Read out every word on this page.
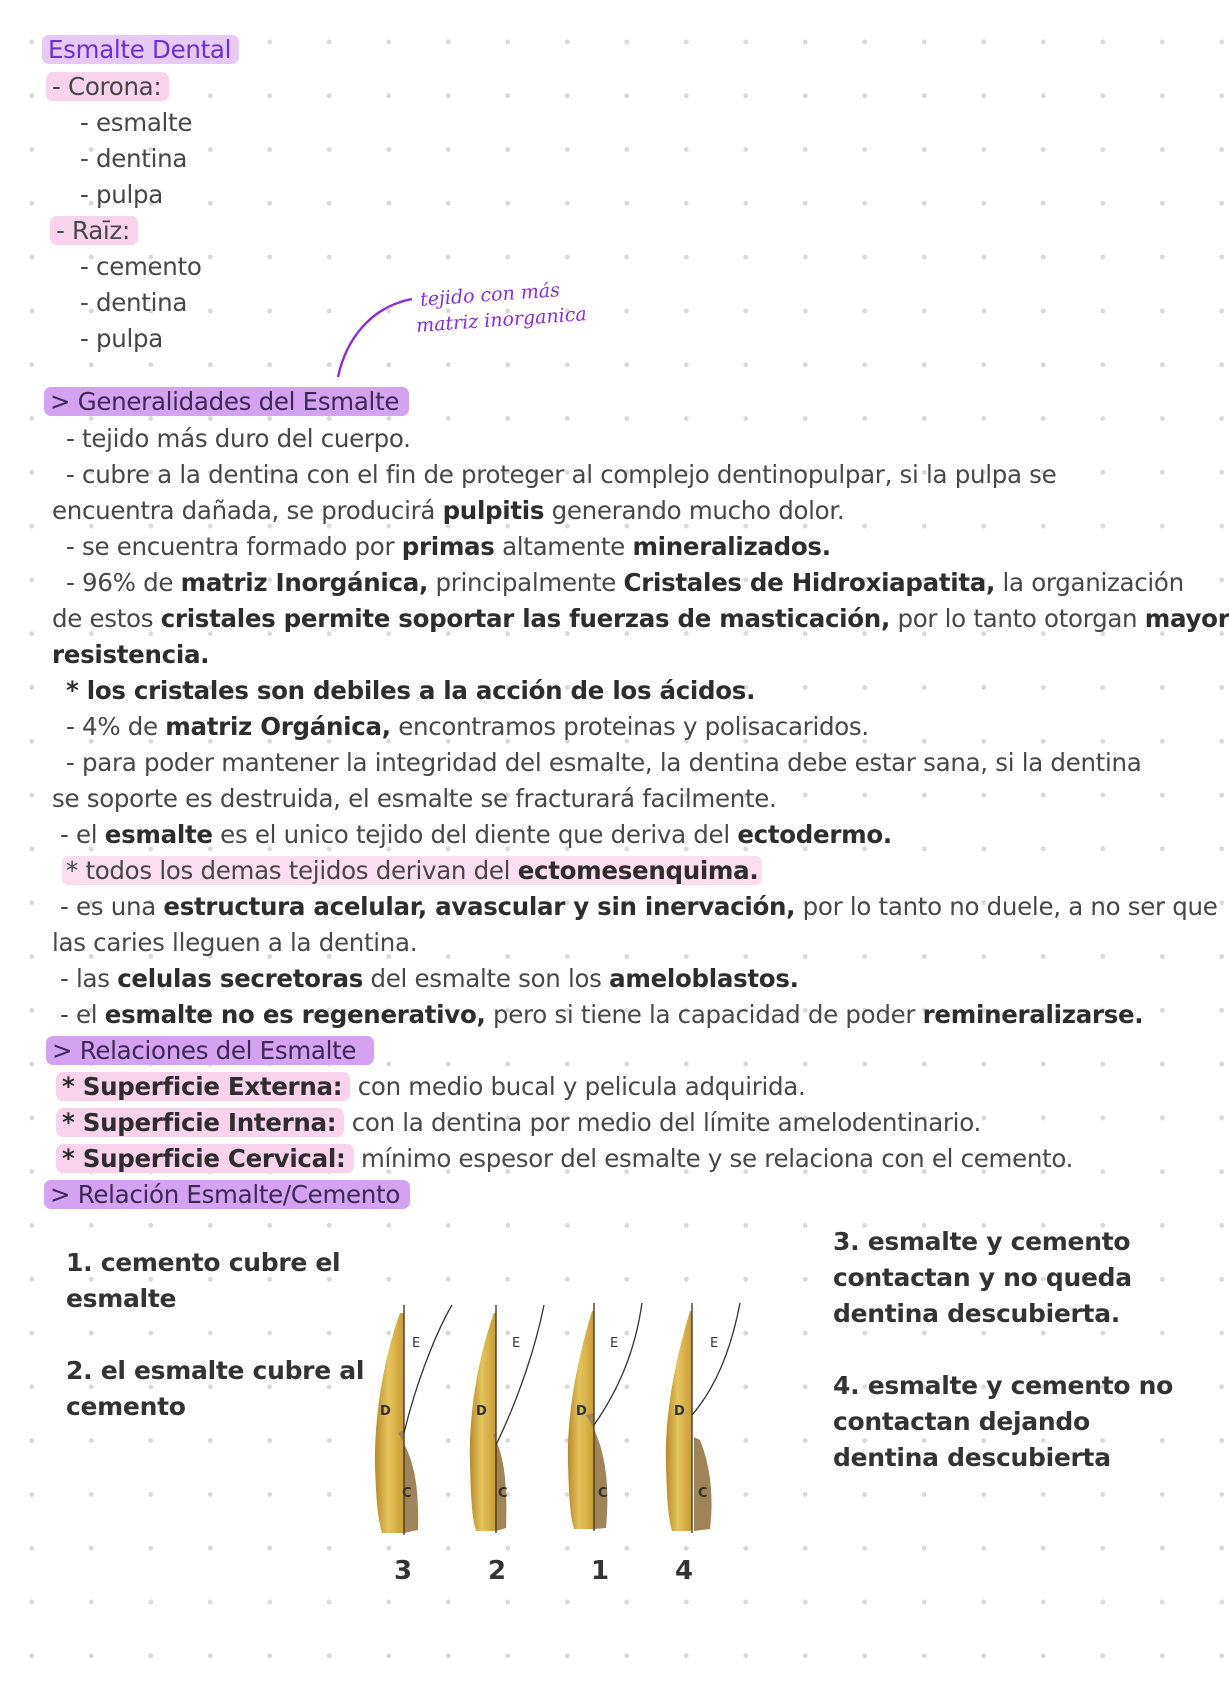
Esmalte Dental
- Corona:
- esmalte
- dentina
- pulpa
- Raīz:
- cemento
- dentina
- pulpa
tejido con más
matriz inorganica
> Generalidades del Esmalte
- tejido más duro del cuerpo.
- cubre a la dentina con el fin de proteger al complejo dentinopulpar, si la pulpa se
encuentra dañada, se producirá pulpitis generando mucho dolor.
- se encuentra formado por primas altamente mineralizados.
- 96% de matriz Inorgánica, principalmente Cristales de Hidroxiapatita, la organización
de estos cristales permite soportar las fuerzas de masticación, por lo tanto otorgan mayor
resistencia.
* los cristales son debiles a la acción de los ácidos.
- 4% de matriz Orgánica, encontramos proteinas y polisacaridos.
- para poder mantener la integridad del esmalte, la dentina debe estar sana, si la dentina
se soporte es destruida, el esmalte se fracturará facilmente.
- el esmalte es el unico tejido del diente que deriva del ectodermo.
* todos los demas tejidos derivan del ectomesenquima.
- es una estructura acelular, avascular y sin inervación, por lo tanto no duele, a no ser que
las caries lleguen a la dentina.
- las celulas secretoras del esmalte son los ameloblastos.
- el esmalte no es regenerativo, pero si tiene la capacidad de poder remineralizarse.
> Relaciones del Esmalte
* Superficie Externa: con medio bucal y pelicula adquirida.
* Superficie Interna: con la dentina por medio del límite amelodentinario.
* Superficie Cervical: mínimo espesor del esmalte y se relaciona con el cemento.
> Relación Esmalte/Cemento
1. cemento cubre el
esmalte
2. el esmalte cubre al
cemento
3. esmalte y cemento
contactan y no queda
dentina descubierta.
4. esmalte y cemento no
contactan dejando
dentina descubierta
E
D
C
E
D
C
E
D
C
E
D
C
3	2	1	4
